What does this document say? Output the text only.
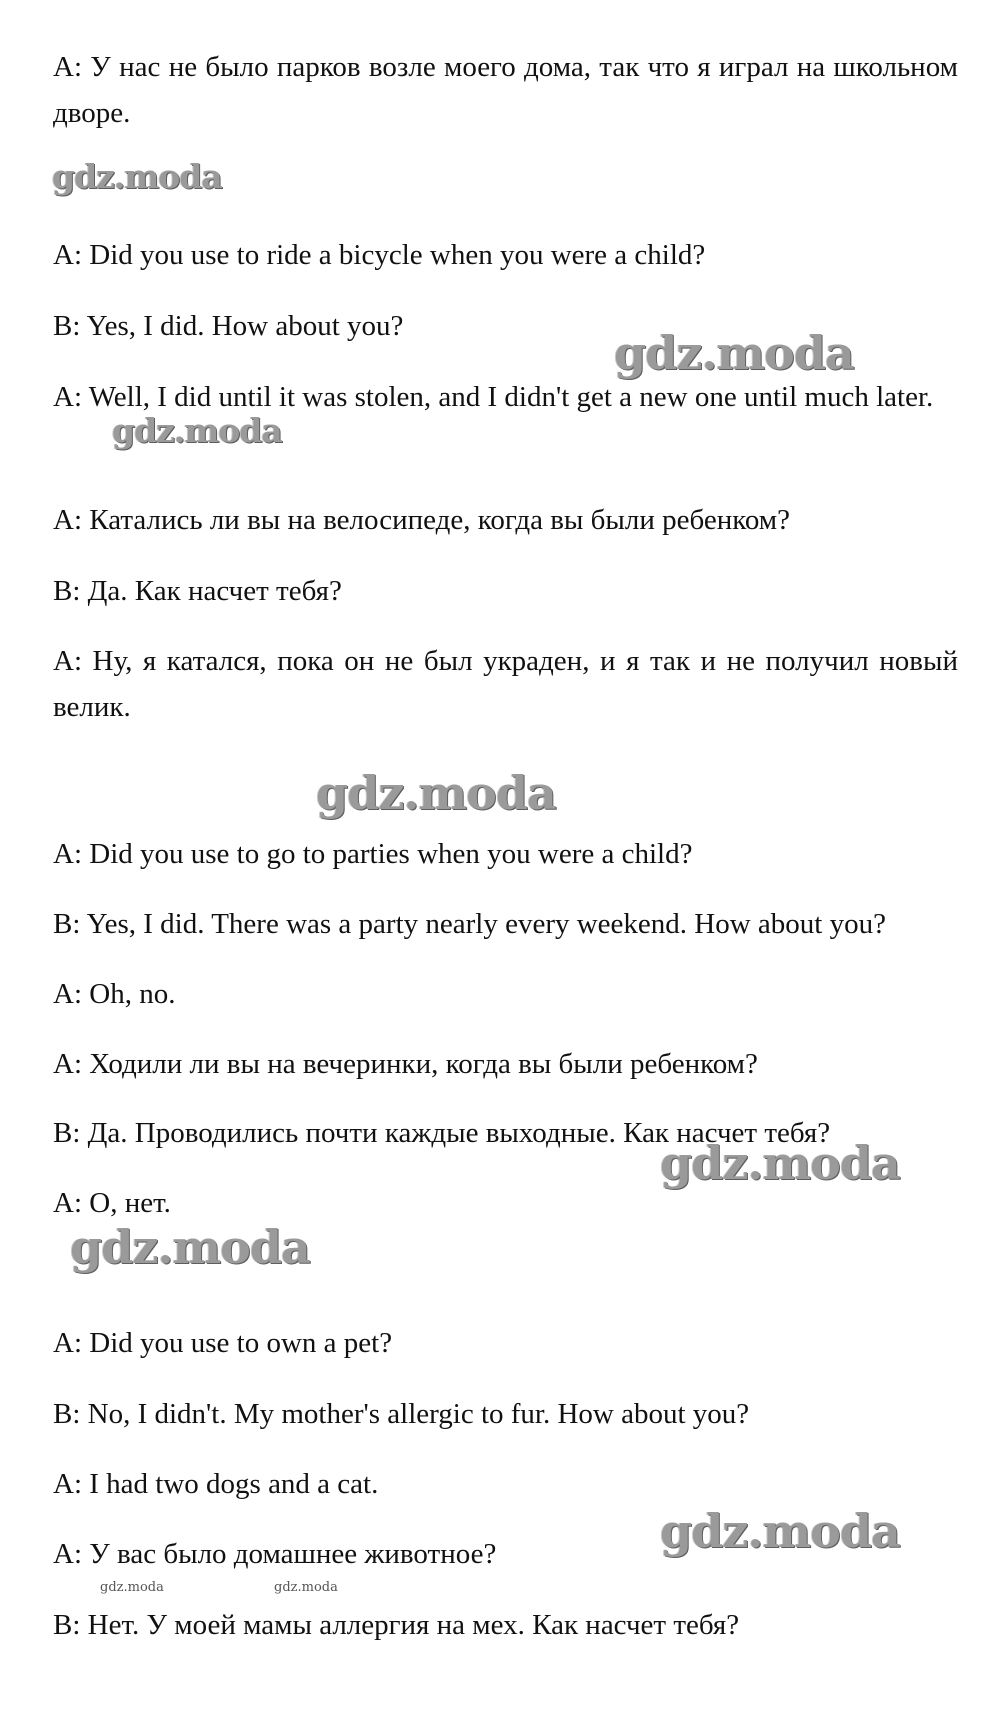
A: У нас не было парков возле моего дома, так что я играл на школьном дворе.

A: Did you use to ride a bicycle when you were a child?

B: Yes, I did. How about you?

A: Well, I did until it was stolen, and I didn't get a new one until much later.

A: Катались ли вы на велосипеде, когда вы были ребенком?

B: Да. Как насчет тебя?

A: Ну, я катался, пока он не был украден, и я так и не получил новый велик.

A: Did you use to go to parties when you were a child?

B: Yes, I did. There was a party nearly every weekend. How about you?

A: Oh, no.

A: Ходили ли вы на вечеринки, когда вы были ребенком?

B: Да. Проводились почти каждые выходные. Как насчет тебя?

A: О, нет.

A: Did you use to own a pet?

B: No, I didn't. My mother's allergic to fur. How about you?

A: I had two dogs and a cat.

A: У вас было домашнее животное?

B: Нет. У моей мамы аллергия на мех. Как насчет тебя?

gdz.moda
gdz.moda
gdz.moda
gdz.moda
gdz.moda
gdz.moda
gdz.moda
gdz.moda	gdz.moda
